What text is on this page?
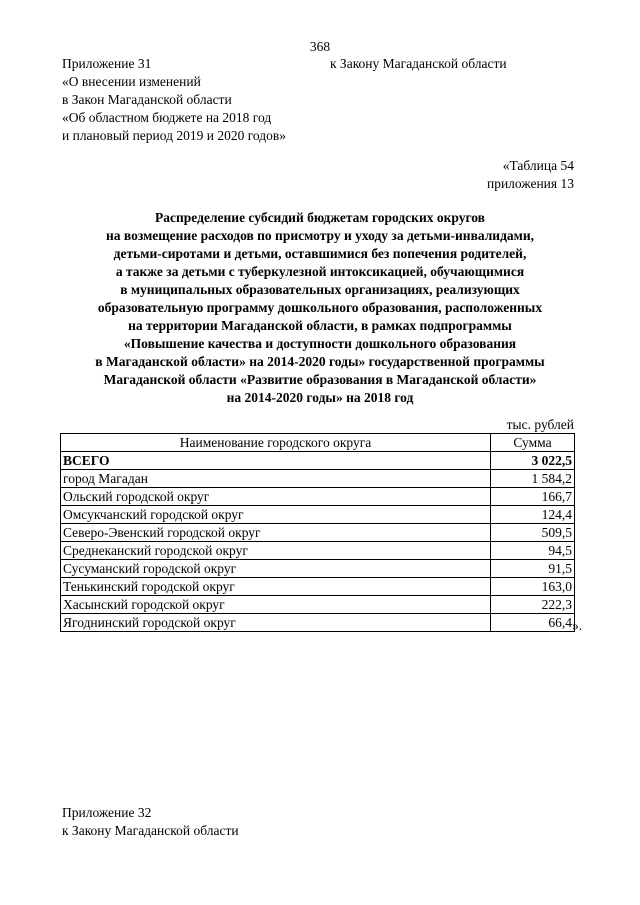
368
Приложение 31
«О внесении изменений
в Закон Магаданской области
«Об областном бюджете на 2018 год
и плановый период 2019 и 2020 годов»
к Закону Магаданской области
«Таблица 54
приложения 13
Распределение субсидий бюджетам городских округов
на возмещение расходов по присмотру и уходу за детьми-инвалидами,
детьми-сиротами и детьми, оставшимися без попечения родителей,
а также за детьми с туберкулезной интоксикацией, обучающимися
в муниципальных образовательных организациях, реализующих
образовательную программу дошкольного образования, расположенных
на территории Магаданской области, в рамках подпрограммы
«Повышение качества и доступности дошкольного образования
в Магаданской области» на 2014-2020 годы» государственной программы
Магаданской области «Развитие образования в Магаданской области»
на 2014-2020 годы» на 2018 год
тыс. рублей
Наименование городского округа	Сумма
ВСЕГО	3 022,5
город Магадан	1 584,2
Ольский городской округ	166,7
Омсукчанский городской округ	124,4
Северо-Эвенский городской округ	509,5
Среднеканский городской округ	94,5
Сусуманский городской округ	91,5
Тенькинский городской округ	163,0
Хасынский городской округ	222,3
Ягоднинский городской округ	66,4 ».
Приложение 32
к Закону Магаданской области
